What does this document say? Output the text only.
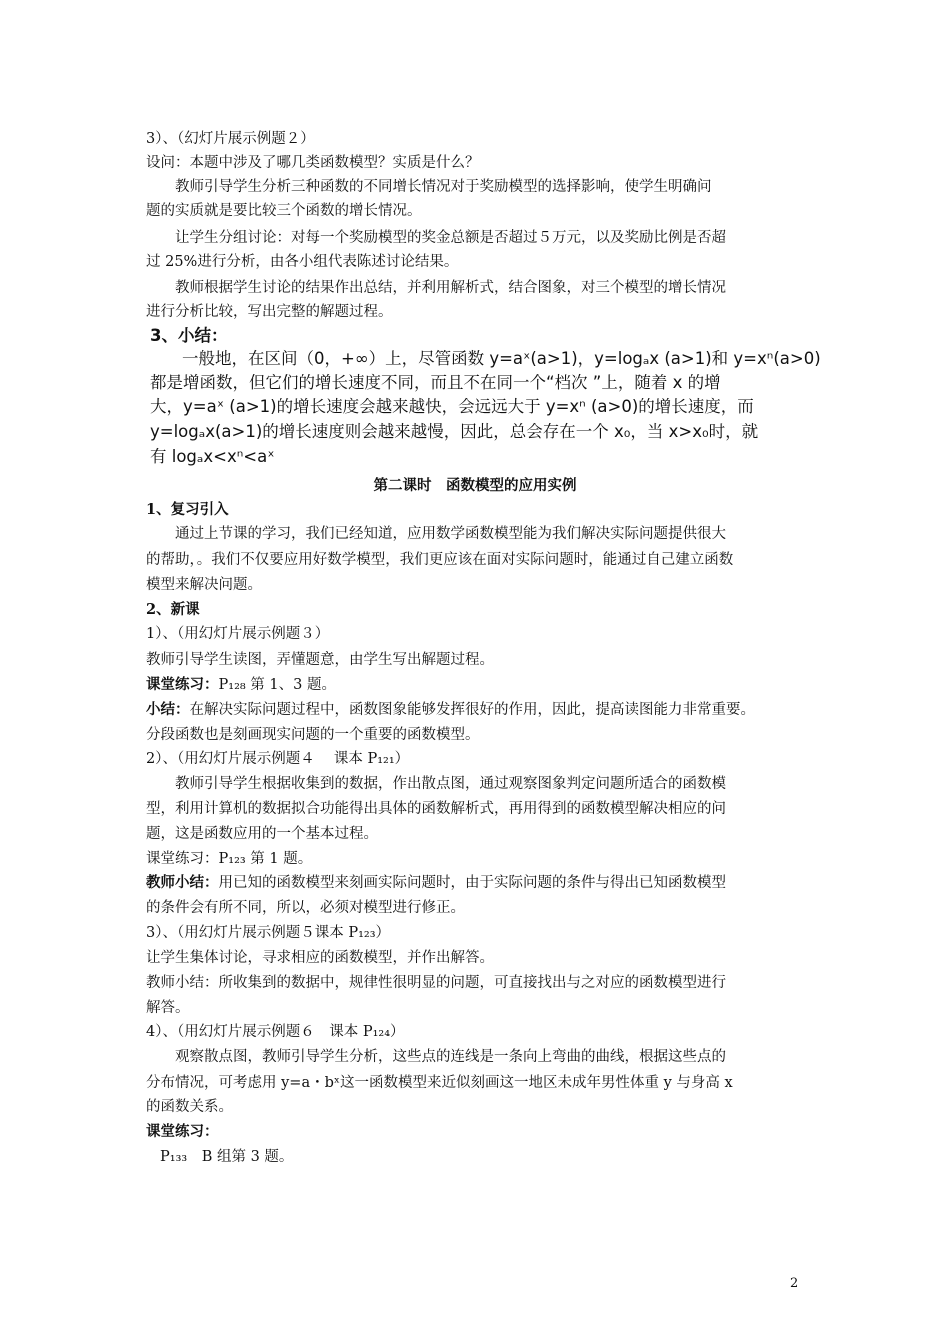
3）、（幻灯片展示例题２）
设问：本题中涉及了哪几类函数模型？实质是什么？
教师引导学生分析三种函数的不同增长情况对于奖励模型的选择影响，使学生明确问
题的实质就是要比较三个函数的增长情况。
让学生分组讨论：对每一个奖励模型的奖金总额是否超过５万元，以及奖励比例是否超
过 25%进行分析，由各小组代表陈述讨论结果。
教师根据学生讨论的结果作出总结，并利用解析式，结合图象，对三个模型的增长情况
进行分析比较，写出完整的解题过程。
3、小结：
一般地，在区间（0，+∞）上，尽管函数 y=aˣ(a>1)，y=logₐx (a>1)和 y=xⁿ(a>0)
都是增函数，但它们的增长速度不同，而且不在同一个“档次 ”上，随着 x 的增
大，y=aˣ (a>1)的增长速度会越来越快，会远远大于 y=xⁿ (a>0)的增长速度，而
y=logₐx(a>1)的增长速度则会越来越慢，因此，总会存在一个 x₀，当 x>x₀时，就
有 logₐx<xⁿ<aˣ
第二课时　函数模型的应用实例
1、复习引入
通过上节课的学习，我们已经知道，应用数学函数模型能为我们解决实际问题提供很大
的帮助，。我们不仅要应用好数学模型，我们更应该在面对实际问题时，能通过自己建立函数
模型来解决问题。
2、新课
1）、（用幻灯片展示例题３）
教师引导学生读图，弄懂题意，由学生写出解题过程。
课堂练习：P₁₂₈ 第 1、3 题。
小结：在解决实际问题过程中，函数图象能够发挥很好的作用，因此，提高读图能力非常重要。
分段函数也是刻画现实问题的一个重要的函数模型。
2）、（用幻灯片展示例题４　 课本 P₁₂₁）
教师引导学生根据收集到的数据，作出散点图，通过观察图象判定问题所适合的函数模
型，利用计算机的数据拟合功能得出具体的函数解析式，再用得到的函数模型解决相应的问
题，这是函数应用的一个基本过程。
课堂练习：P₁₂₃ 第 1 题。
教师小结：用已知的函数模型来刻画实际问题时，由于实际问题的条件与得出已知函数模型
的条件会有所不同，所以，必须对模型进行修正。
3）、（用幻灯片展示例题５课本 P₁₂₃）
让学生集体讨论，寻求相应的函数模型，并作出解答。
教师小结：所收集到的数据中，规律性很明显的问题，可直接找出与之对应的函数模型进行
解答。
4）、（用幻灯片展示例题６　课本 P₁₂₄）
观察散点图，教师引导学生分析，这些点的连线是一条向上弯曲的曲线，根据这些点的
分布情况，可考虑用 y=a・bˣ这一函数模型来近似刻画这一地区未成年男性体重 y 与身高 x
的函数关系。
课堂练习：
P₁₃₃　B 组第 3 题。
2
